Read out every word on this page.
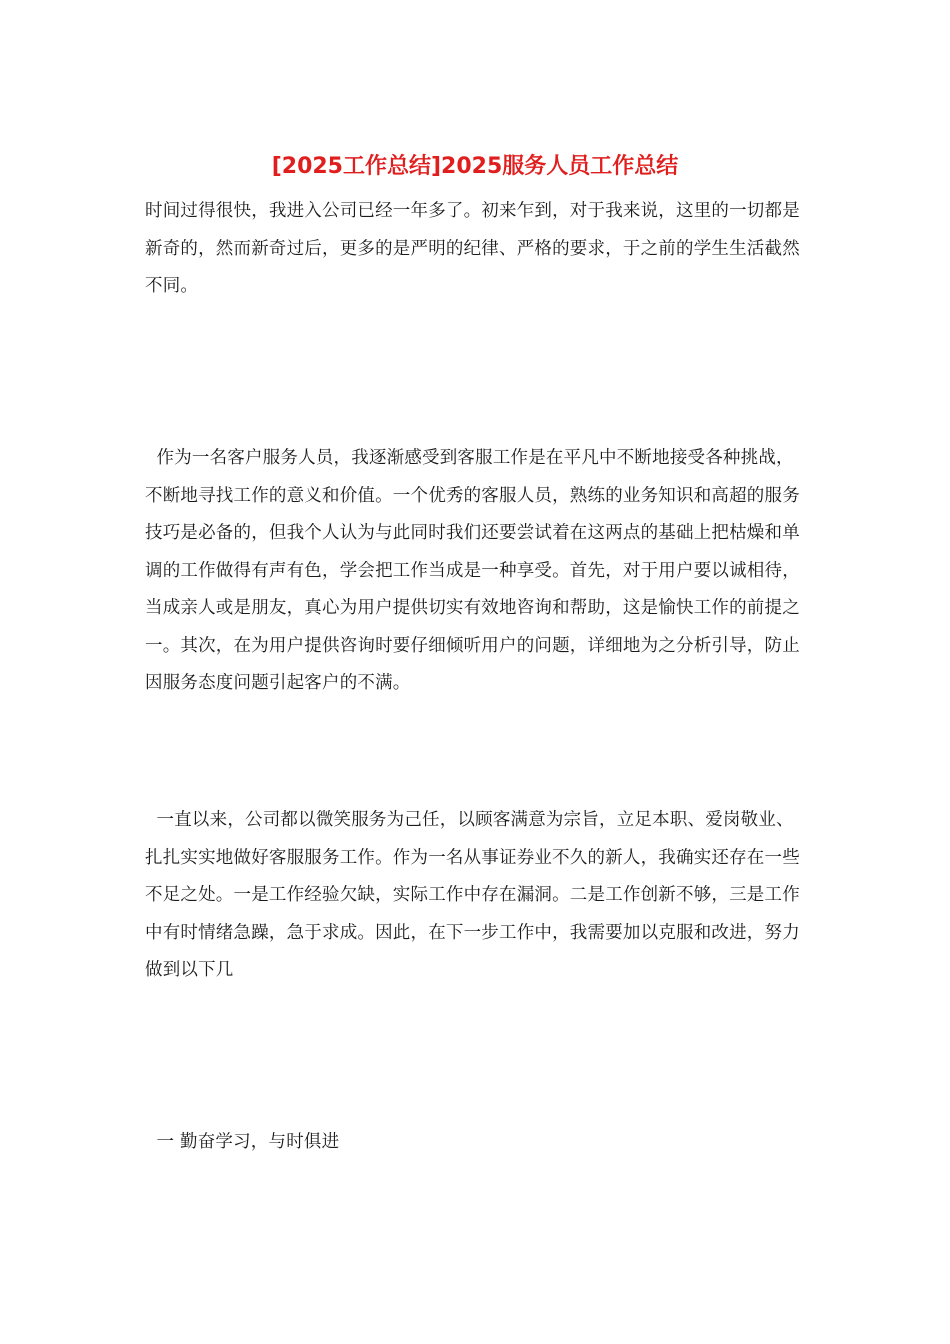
[2025工作总结]2025服务人员工作总结

时间过得很快，我进入公司已经一年多了。初来乍到，对于我来说，这里的一切都是新奇的，然而新奇过后，更多的是严明的纪律、严格的要求，于之前的学生生活截然不同。

作为一名客户服务人员，我逐渐感受到客服工作是在平凡中不断地接受各种挑战，不断地寻找工作的意义和价值。一个优秀的客服人员，熟练的业务知识和高超的服务技巧是必备的，但我个人认为与此同时我们还要尝试着在这两点的基础上把枯燥和单调的工作做得有声有色，学会把工作当成是一种享受。首先，对于用户要以诚相待，当成亲人或是朋友，真心为用户提供切实有效地咨询和帮助，这是愉快工作的前提之一。其次，在为用户提供咨询时要仔细倾听用户的问题，详细地为之分析引导，防止因服务态度问题引起客户的不满。

一直以来，公司都以微笑服务为己任，以顾客满意为宗旨，立足本职、爱岗敬业、扎扎实实地做好客服服务工作。作为一名从事证券业不久的新人，我确实还存在一些不足之处。一是工作经验欠缺，实际工作中存在漏洞。二是工作创新不够，三是工作中有时情绪急躁，急于求成。因此，在下一步工作中，我需要加以克服和改进，努力做到以下几

一 勤奋学习，与时俱进
